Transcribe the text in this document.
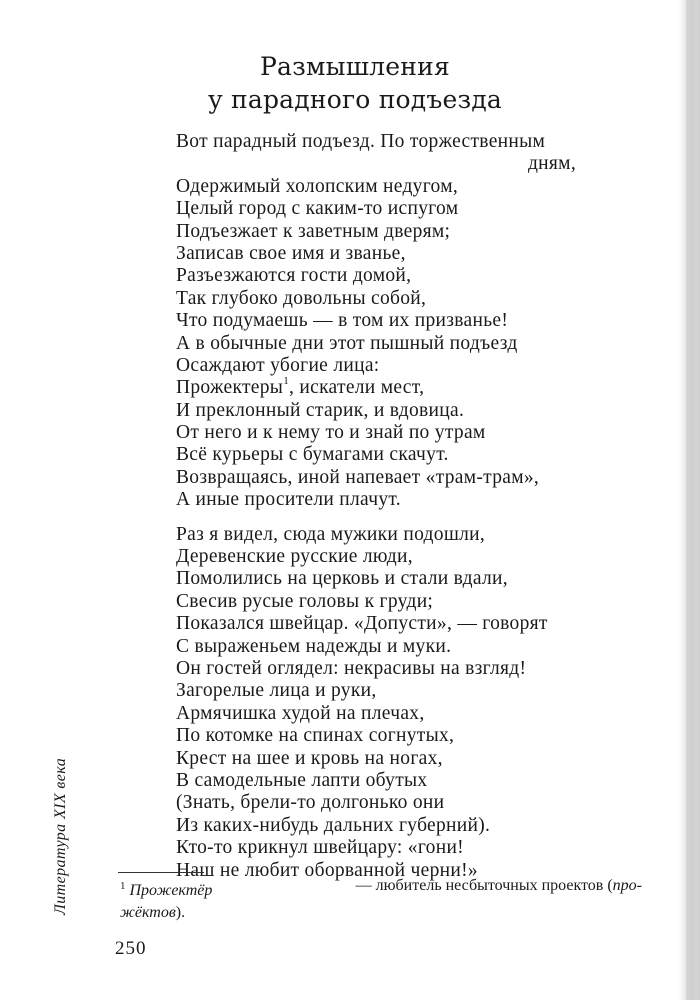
Размышления
у парадного подъезда
Вот парадный подъезд. По торжественным
дням,
Одержимый холопским недугом,
Целый город с каким-то испугом
Подъезжает к заветным дверям;
Записав свое имя и званье,
Разъезжаются гости домой,
Так глубоко довольны собой,
Что подумаешь — в том их призванье!
А в обычные дни этот пышный подъезд
Осаждают убогие лица:
Прожектеры$^1$, искатели мест,
И преклонный старик, и вдовица.
От него и к нему то и знай по утрам
Всё курьеры с бумагами скачут.
Возвращаясь, иной напевает «трам-трам»,
А иные просители плачут.
Раз я видел, сюда мужики подошли,
Деревенские русские люди,
Помолились на церковь и стали вдали,
Свесив русые головы к груди;
Показался швейцар. «Допусти», — говорят
С выраженьем надежды и муки.
Он гостей оглядел: некрасивы на взгляд!
Загорелые лица и руки,
Армячишка худой на плечах,
По котомке на спинах согнутых,
Крест на шее и кровь на ногах,
В самодельные лапти обутых
(Знать, брели-то долгонько они
Из каких-нибудь дальних губерний).
Кто-то крикнул швейцару: «гони!
Наш не любит оборванной черни!»
$^1$ Прожектёр	— любитель несбыточных проектов (про-
жёктов).
250
Литература XIX века
